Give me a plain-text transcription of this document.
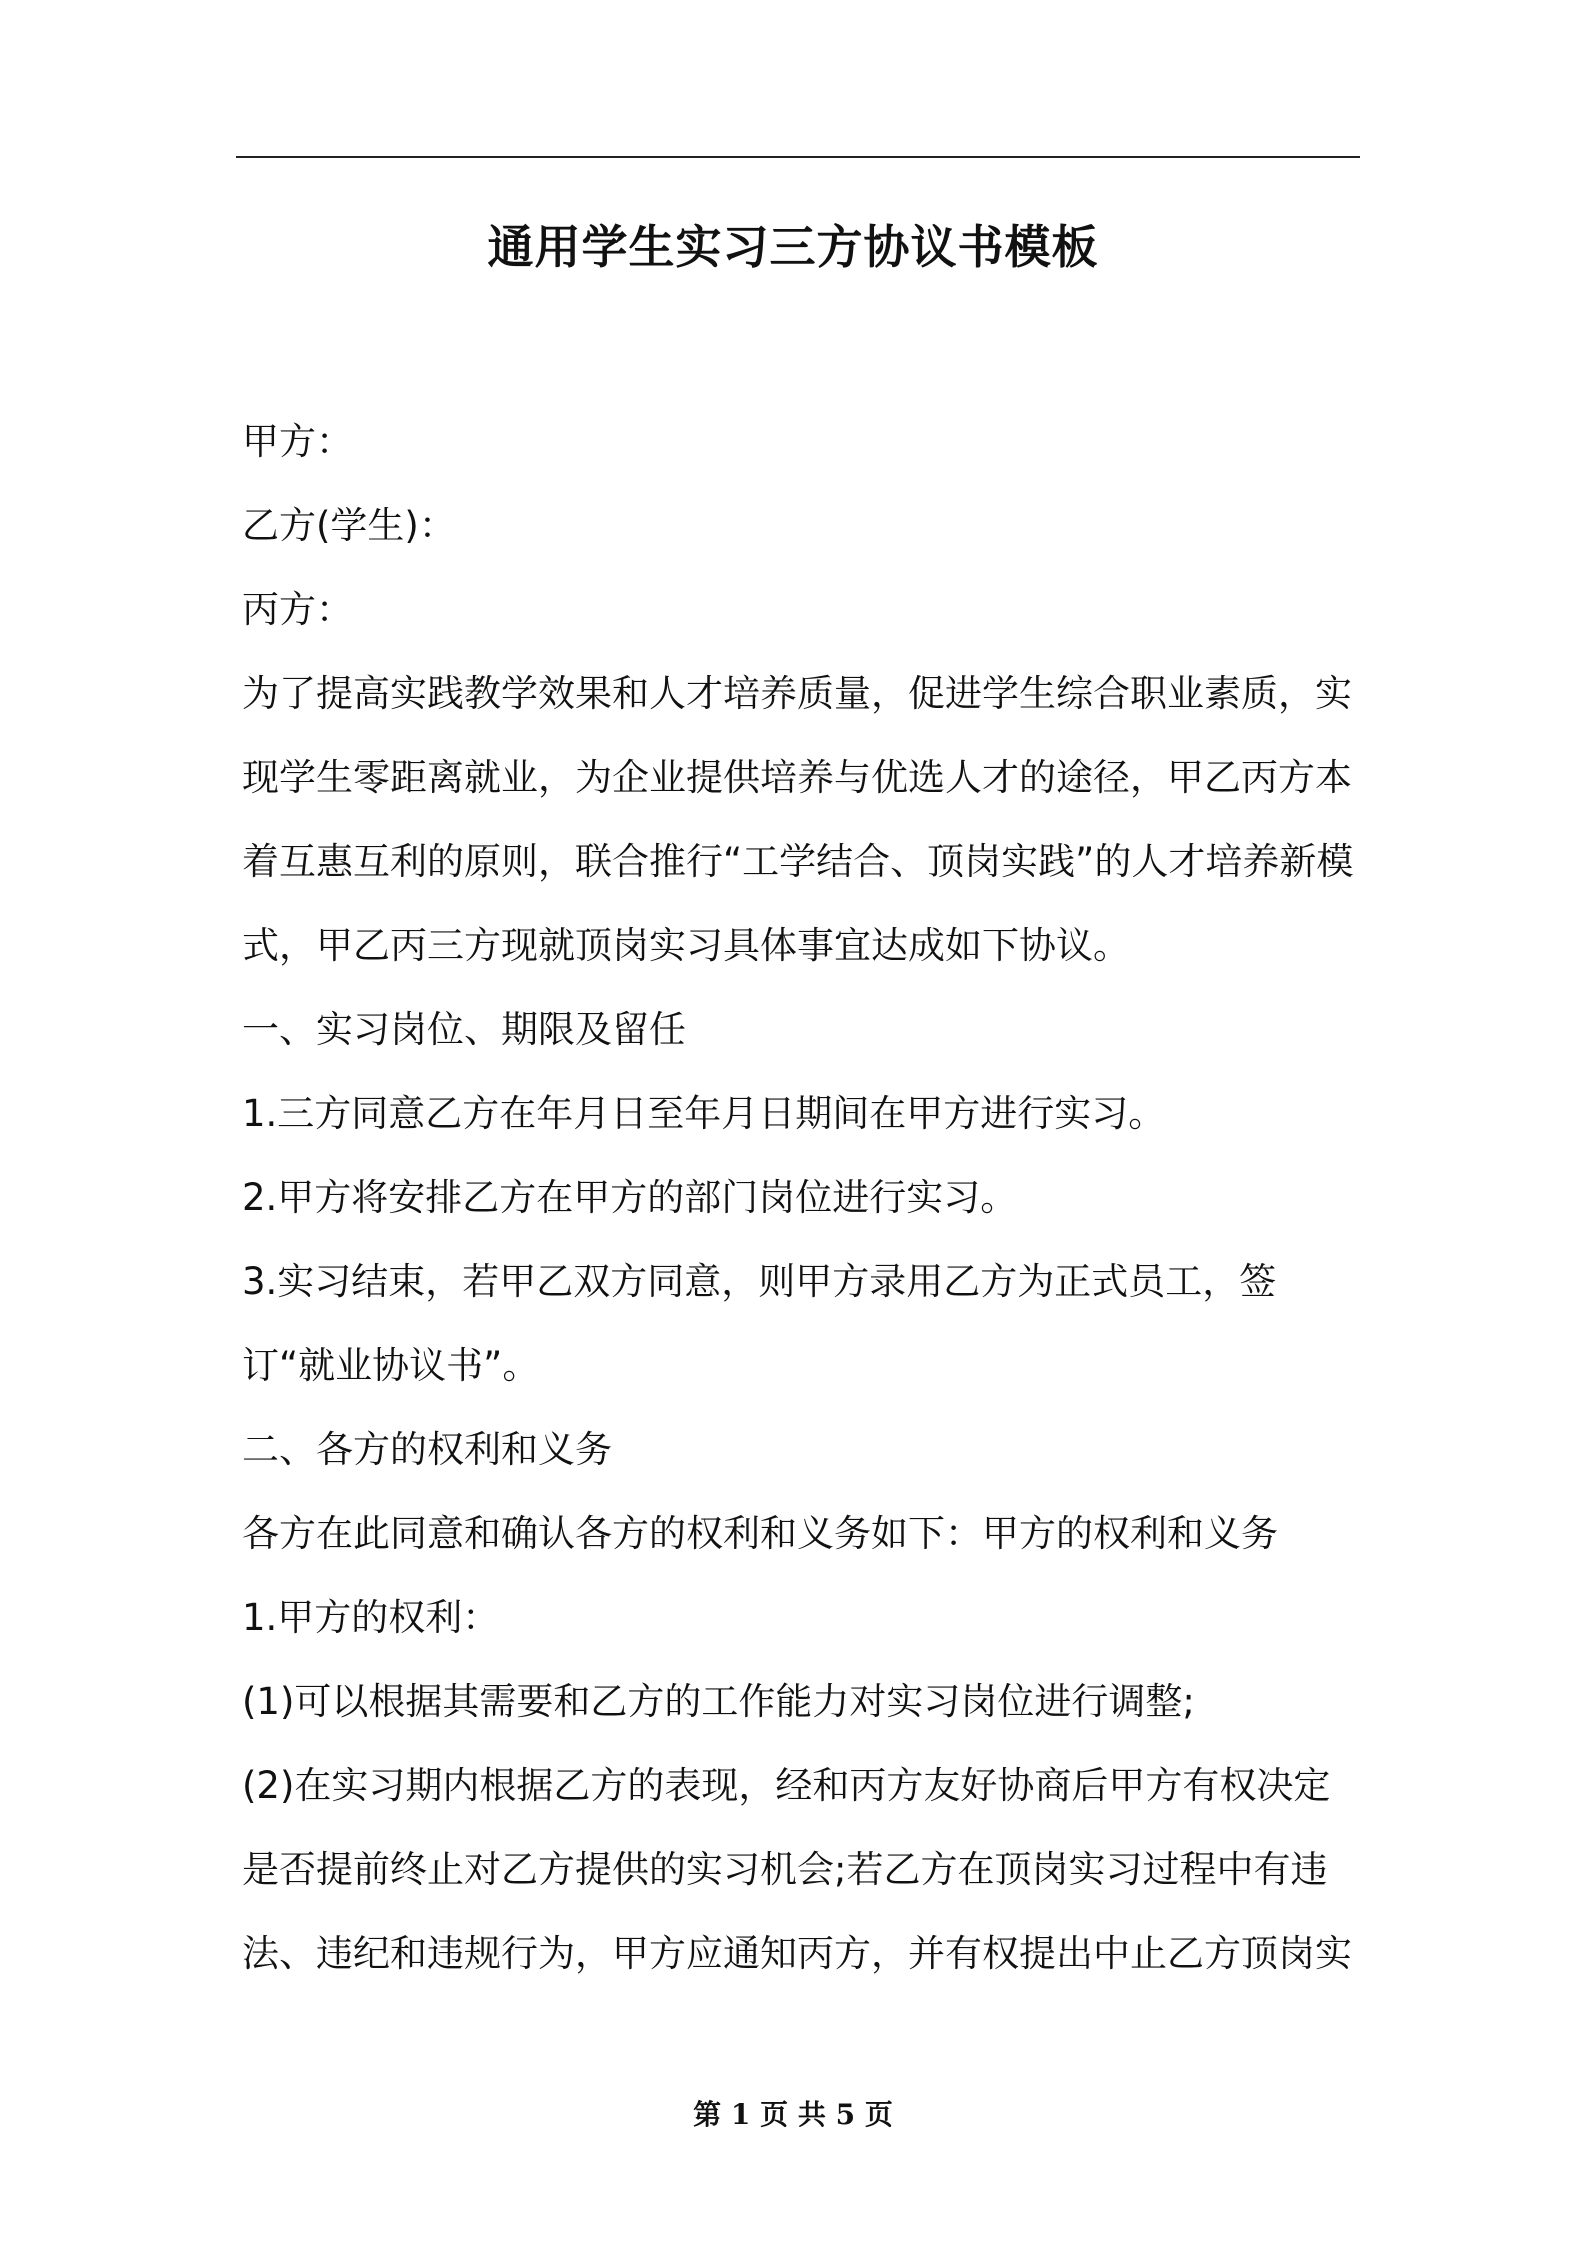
通用学生实习三方协议书模板

甲方：

乙方(学生)：

丙方：

为了提高实践教学效果和人才培养质量，促进学生综合职业素质，实现学生零距离就业，为企业提供培养与优选人才的途径，甲乙丙方本着互惠互利的原则，联合推行“工学结合、顶岗实践”的人才培养新模式，甲乙丙三方现就顶岗实习具体事宜达成如下协议。

一、实习岗位、期限及留任

1.三方同意乙方在年月日至年月日期间在甲方进行实习。

2.甲方将安排乙方在甲方的部门岗位进行实习。

3.实习结束，若甲乙双方同意，则甲方录用乙方为正式员工，签订“就业协议书”。

二、各方的权利和义务

各方在此同意和确认各方的权利和义务如下：甲方的权利和义务

1.甲方的权利：

(1)可以根据其需要和乙方的工作能力对实习岗位进行调整;

(2)在实习期内根据乙方的表现，经和丙方友好协商后甲方有权决定是否提前终止对乙方提供的实习机会;若乙方在顶岗实习过程中有违法、违纪和违规行为，甲方应通知丙方，并有权提出中止乙方顶岗实

第 1 页 共 5 页
